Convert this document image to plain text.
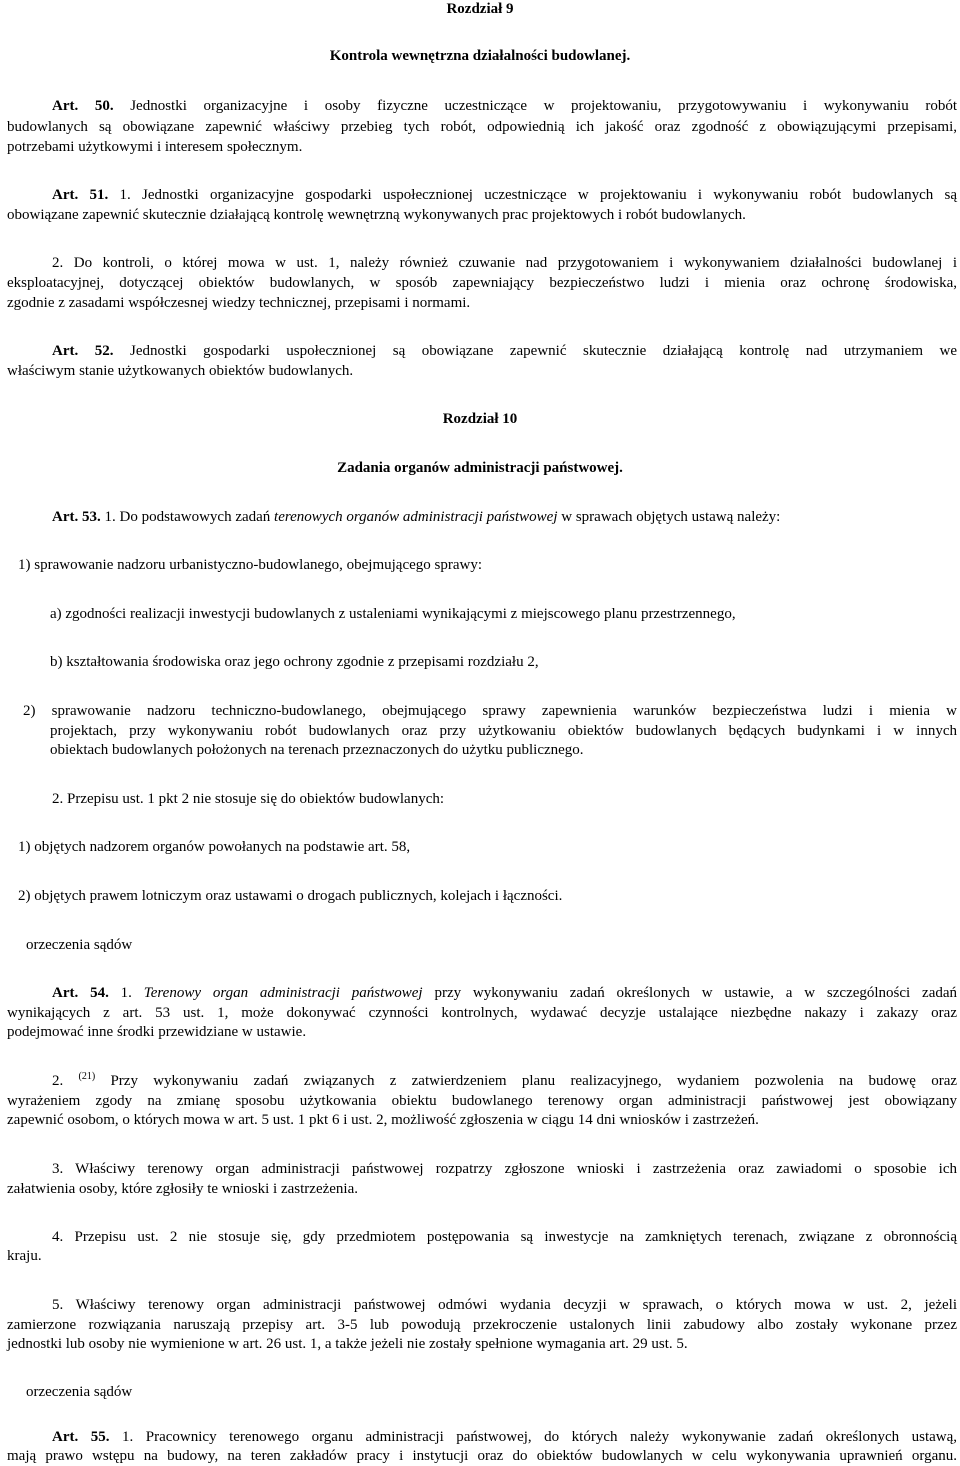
Rozdział 9

Kontrola wewnętrzna działalności budowlanej.

Art. 50. Jednostki organizacyjne i osoby fizyczne uczestniczące w projektowaniu, przygotowywaniu i wykonywaniu robót

budowlanych są obowiązane zapewnić właściwy przebieg tych robót, odpowiednią ich jakość oraz zgodność z obowiązującymi przepisami,

potrzebami użytkowymi i interesem społecznym.

Art. 51. 1. Jednostki organizacyjne gospodarki uspołecznionej uczestniczące w projektowaniu i wykonywaniu robót budowlanych są

obowiązane zapewnić skutecznie działającą kontrolę wewnętrzną wykonywanych prac projektowych i robót budowlanych.

2. Do kontroli, o której mowa w ust. 1, należy również czuwanie nad przygotowaniem i wykonywaniem działalności budowlanej i

eksploatacyjnej, dotyczącej obiektów budowlanych, w sposób zapewniający bezpieczeństwo ludzi i mienia oraz ochronę środowiska,

zgodnie z zasadami współczesnej wiedzy technicznej, przepisami i normami.

Art. 52. Jednostki gospodarki uspołecznionej są obowiązane zapewnić skutecznie działającą kontrolę nad utrzymaniem we

właściwym stanie użytkowanych obiektów budowlanych.

Rozdział 10

Zadania organów administracji państwowej.

Art. 53. 1. Do podstawowych zadań terenowych organów administracji państwowej w sprawach objętych ustawą należy:

1) sprawowanie nadzoru urbanistyczno-budowlanego, obejmującego sprawy:

a) zgodności realizacji inwestycji budowlanych z ustaleniami wynikającymi z miejscowego planu przestrzennego,

b) kształtowania środowiska oraz jego ochrony zgodnie z przepisami rozdziału 2,

2) sprawowanie nadzoru techniczno-budowlanego, obejmującego sprawy zapewnienia warunków bezpieczeństwa ludzi i mienia w

projektach, przy wykonywaniu robót budowlanych oraz przy użytkowaniu obiektów budowlanych będących budynkami i w innych

obiektach budowlanych położonych na terenach przeznaczonych do użytku publicznego.

2. Przepisu ust. 1 pkt 2 nie stosuje się do obiektów budowlanych:

1) objętych nadzorem organów powołanych na podstawie art. 58,

2) objętych prawem lotniczym oraz ustawami o drogach publicznych, kolejach i łączności.

orzeczenia sądów

Art. 54. 1. Terenowy organ administracji państwowej przy wykonywaniu zadań określonych w ustawie, a w szczególności zadań

wynikających z art. 53 ust. 1, może dokonywać czynności kontrolnych, wydawać decyzje ustalające niezbędne nakazy i zakazy oraz

podejmować inne środki przewidziane w ustawie.

2. $^{(21)}$ Przy wykonywaniu zadań związanych z zatwierdzeniem planu realizacyjnego, wydaniem pozwolenia na budowę oraz

wyrażeniem zgody na zmianę sposobu użytkowania obiektu budowlanego terenowy organ administracji państwowej jest obowiązany

zapewnić osobom, o których mowa w art. 5 ust. 1 pkt 6 i ust. 2, możliwość zgłoszenia w ciągu 14 dni wniosków i zastrzeżeń.

3. Właściwy terenowy organ administracji państwowej rozpatrzy zgłoszone wnioski i zastrzeżenia oraz zawiadomi o sposobie ich

załatwienia osoby, które zgłosiły te wnioski i zastrzeżenia.

4. Przepisu ust. 2 nie stosuje się, gdy przedmiotem postępowania są inwestycje na zamkniętych terenach, związane z obronnością

kraju.

5. Właściwy terenowy organ administracji państwowej odmówi wydania decyzji w sprawach, o których mowa w ust. 2, jeżeli

zamierzone rozwiązania naruszają przepisy art. 3-5 lub powodują przekroczenie ustalonych linii zabudowy albo zostały wykonane przez

jednostki lub osoby nie wymienione w art. 26 ust. 1, a także jeżeli nie zostały spełnione wymagania art. 29 ust. 5.

orzeczenia sądów

Art. 55. 1. Pracownicy terenowego organu administracji państwowej, do których należy wykonywanie zadań określonych ustawą,

mają prawo wstępu na budowy, na teren zakładów pracy i instytucji oraz do obiektów budowlanych w celu wykonywania uprawnień organu.
